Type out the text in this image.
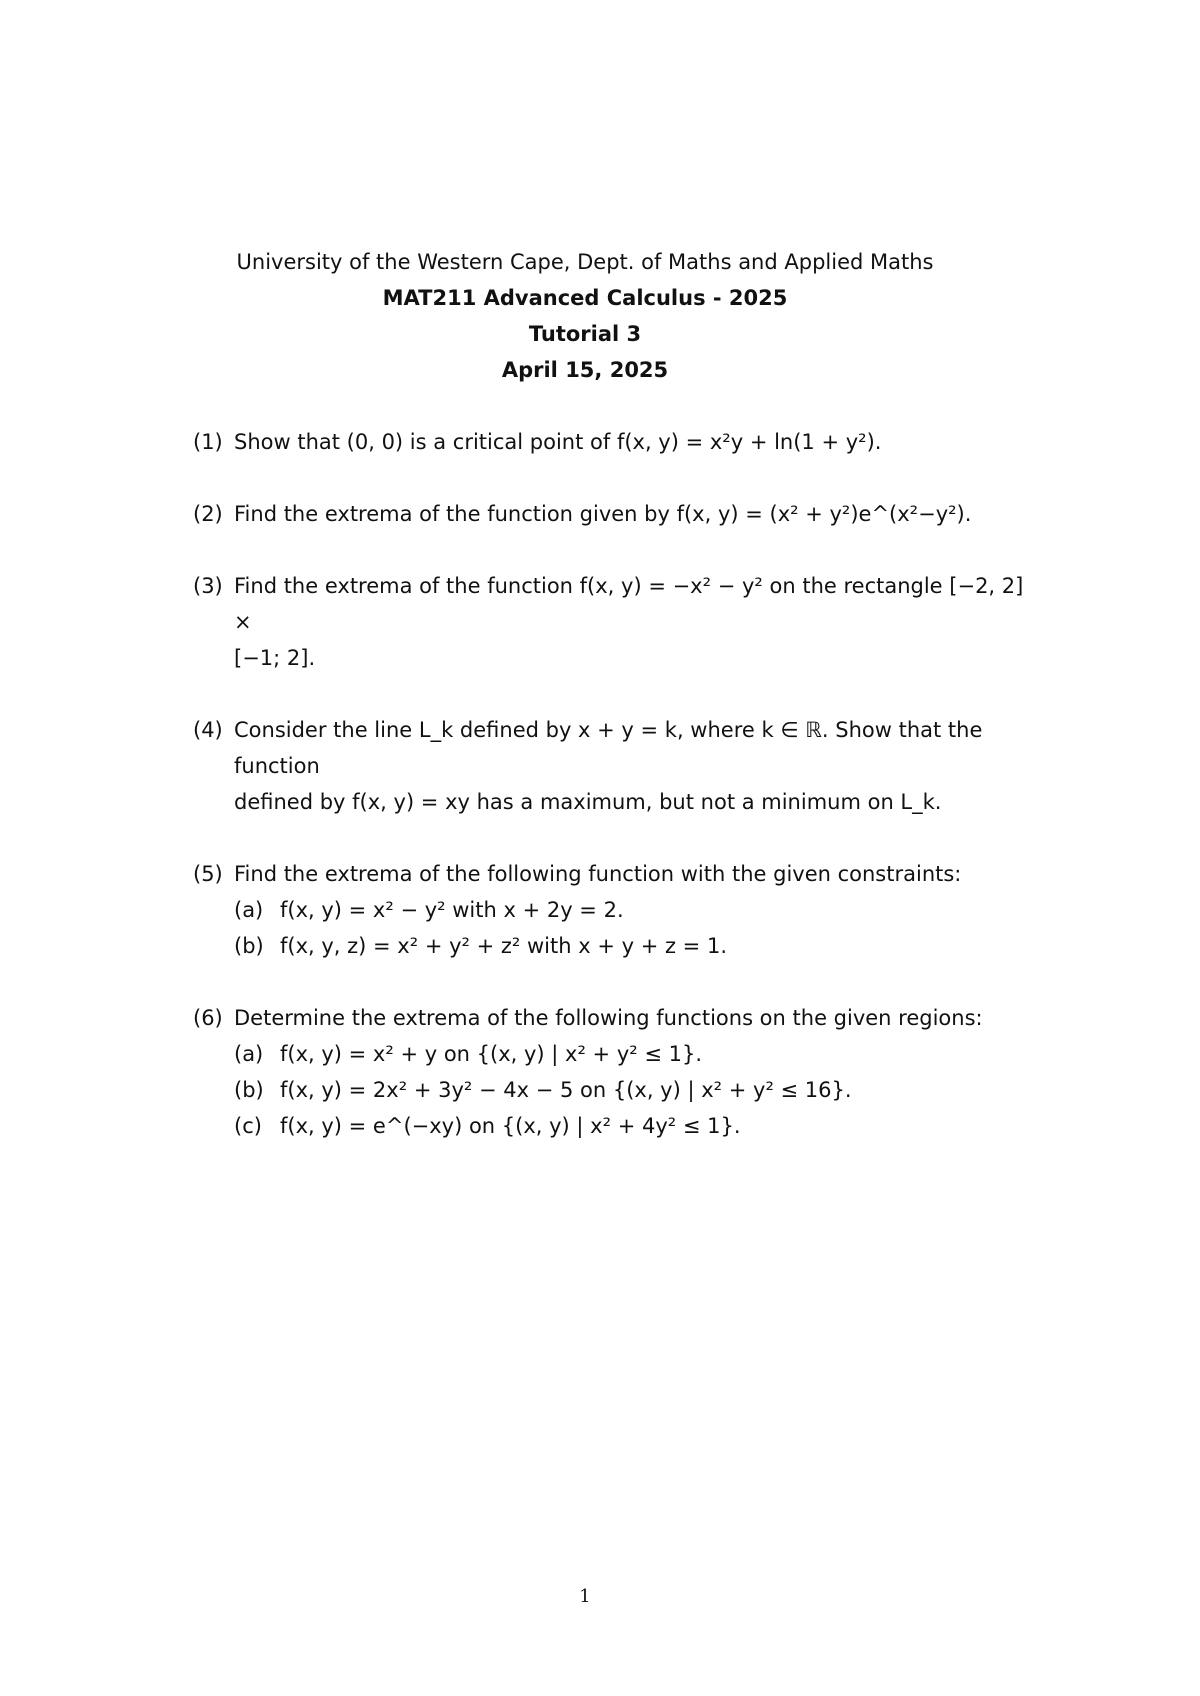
University of the Western Cape, Dept. of Maths and Applied Maths
MAT211 Advanced Calculus - 2025
Tutorial 3
April 15, 2025
(1) Show that (0, 0) is a critical point of f(x, y) = x²y + ln(1 + y²).
(2) Find the extrema of the function given by f(x, y) = (x² + y²)e^(x²−y²).
(3) Find the extrema of the function f(x, y) = −x² − y² on the rectangle [−2, 2] ×
[−1; 2].
(4) Consider the line L_k defined by x + y = k, where k ∈ ℝ. Show that the function
defined by f(x, y) = xy has a maximum, but not a minimum on L_k.
(5) Find the extrema of the following function with the given constraints:
(a) f(x, y) = x² − y² with x + 2y = 2.
(b) f(x, y, z) = x² + y² + z² with x + y + z = 1.
(6) Determine the extrema of the following functions on the given regions:
(a) f(x, y) = x² + y on {(x, y) | x² + y² ≤ 1}.
(b) f(x, y) = 2x² + 3y² − 4x − 5 on {(x, y) | x² + y² ≤ 16}.
(c) f(x, y) = e^(−xy) on {(x, y) | x² + 4y² ≤ 1}.
1
